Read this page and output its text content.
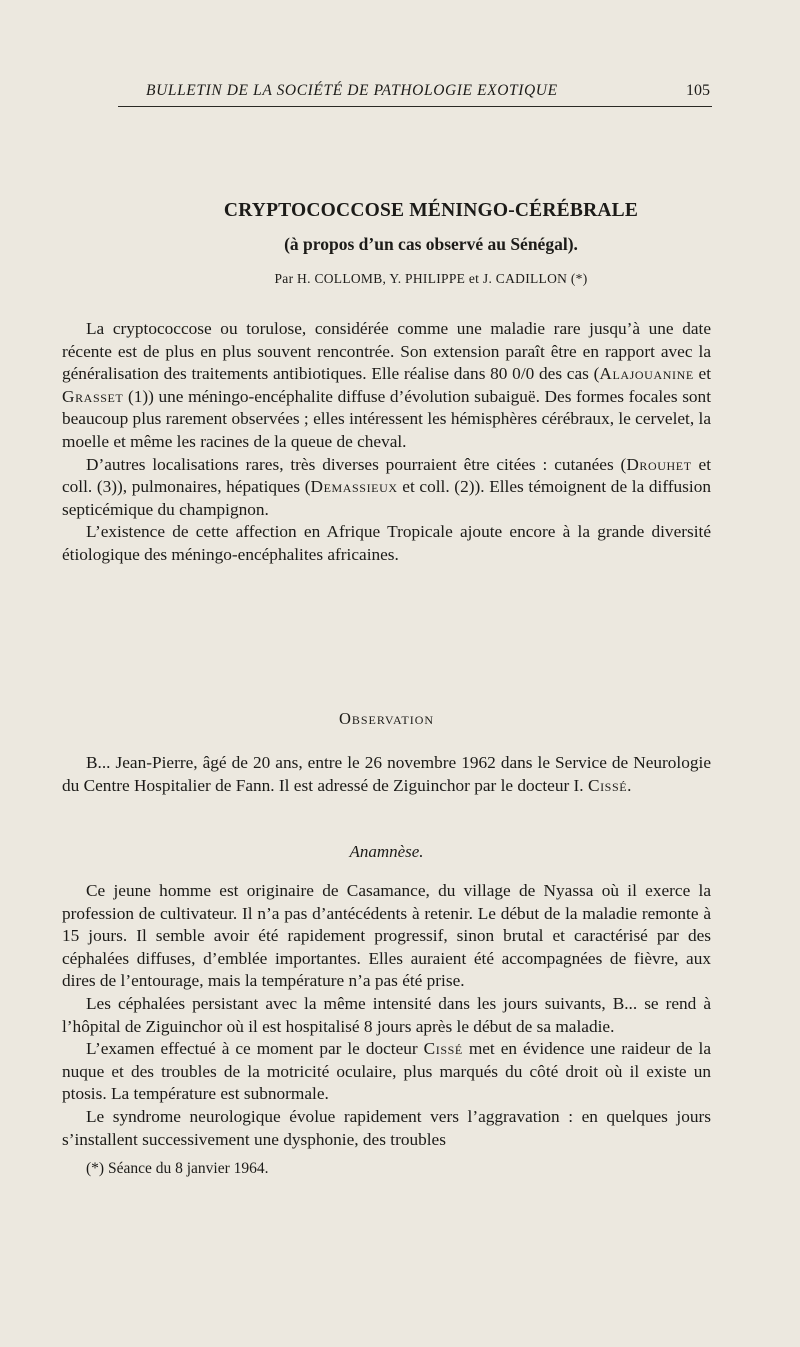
BULLETIN DE LA SOCIÉTÉ DE PATHOLOGIE EXOTIQUE	105
CRYPTOCOCCOSE MÉNINGO-CÉRÉBRALE
(à propos d’un cas observé au Sénégal).
Par H. COLLOMB, Y. PHILIPPE et J. CADILLON (*)

La cryptococcose ou torulose, considérée comme une maladie rare jusqu’à une date récente est de plus en plus souvent rencontrée. Son extension paraît être en rapport avec la généralisation des traitements antibiotiques. Elle réalise dans 80 0/0 des cas (Alajouanine et Grasset (1)) une méningo-encéphalite diffuse d’évolution subaiguë. Des formes focales sont beaucoup plus rarement observées ; elles intéressent les hémisphères cérébraux, le cervelet, la moelle et même les racines de la queue de cheval.

D’autres localisations rares, très diverses pourraient être citées : cutanées (Drouhet et coll. (3)), pulmonaires, hépatiques (Demassieux et coll. (2)). Elles témoignent de la diffusion septicémique du champignon.

L’existence de cette affection en Afrique Tropicale ajoute encore à la grande diversité étiologique des méningo-encéphalites africaines.

Observation

B... Jean-Pierre, âgé de 20 ans, entre le 26 novembre 1962 dans le Service de Neurologie du Centre Hospitalier de Fann. Il est adressé de Ziguinchor par le docteur I. Cissé.

Anamnèse.

Ce jeune homme est originaire de Casamance, du village de Nyassa où il exerce la profession de cultivateur. Il n’a pas d’antécédents à retenir. Le début de la maladie remonte à 15 jours. Il semble avoir été rapidement progressif, sinon brutal et caractérisé par des céphalées diffuses, d’emblée importantes. Elles auraient été accompagnées de fièvre, aux dires de l’entourage, mais la température n’a pas été prise.

Les céphalées persistant avec la même intensité dans les jours suivants, B... se rend à l’hôpital de Ziguinchor où il est hospitalisé 8 jours après le début de sa maladie.

L’examen effectué à ce moment par le docteur Cissé met en évidence une raideur de la nuque et des troubles de la motricité oculaire, plus marqués du côté droit où il existe un ptosis. La température est subnormale.

Le syndrome neurologique évolue rapidement vers l’aggravation : en quelques jours s’installent successivement une dysphonie, des troubles

(*) Séance du 8 janvier 1964.
